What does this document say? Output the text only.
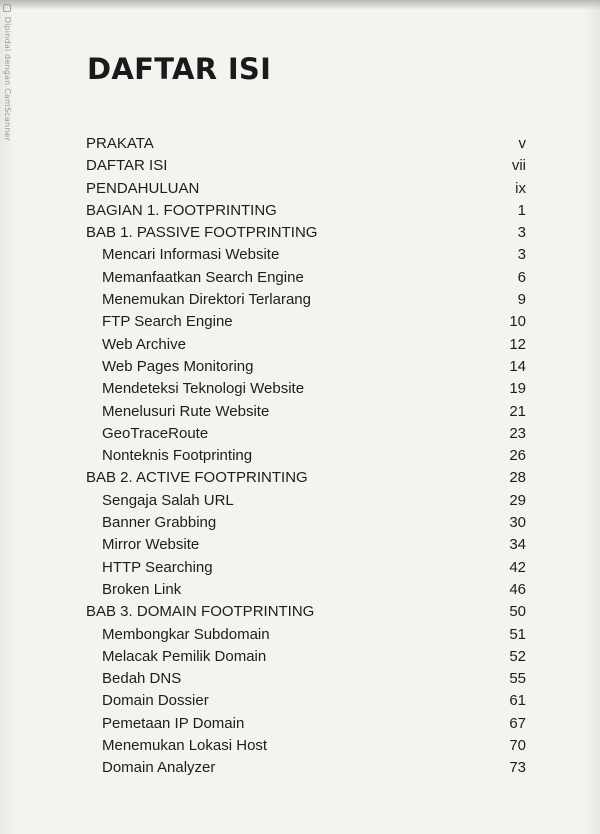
Dipindai dengan CamScanner	DAFTAR ISI
PRAKATA	v
DAFTAR ISI	vii
PENDAHULUAN	ix
BAGIAN 1. FOOTPRINTING	1
BAB 1. PASSIVE FOOTPRINTING	3
Mencari Informasi Website	3
Memanfaatkan Search Engine	6
Menemukan Direktori Terlarang	9
FTP Search Engine	10
Web Archive	12
Web Pages Monitoring	14
Mendeteksi Teknologi Website	19
Menelusuri Rute Website	21
GeoTraceRoute	23
Nonteknis Footprinting	26
BAB 2. ACTIVE FOOTPRINTING	28
Sengaja Salah URL	29
Banner Grabbing	30
Mirror Website	34
HTTP Searching	42
Broken Link	46
BAB 3. DOMAIN FOOTPRINTING	50
Membongkar Subdomain	51
Melacak Pemilik Domain	52
Bedah DNS	55
Domain Dossier	61
Pemetaan IP Domain	67
Menemukan Lokasi Host	70
Domain Analyzer	73
